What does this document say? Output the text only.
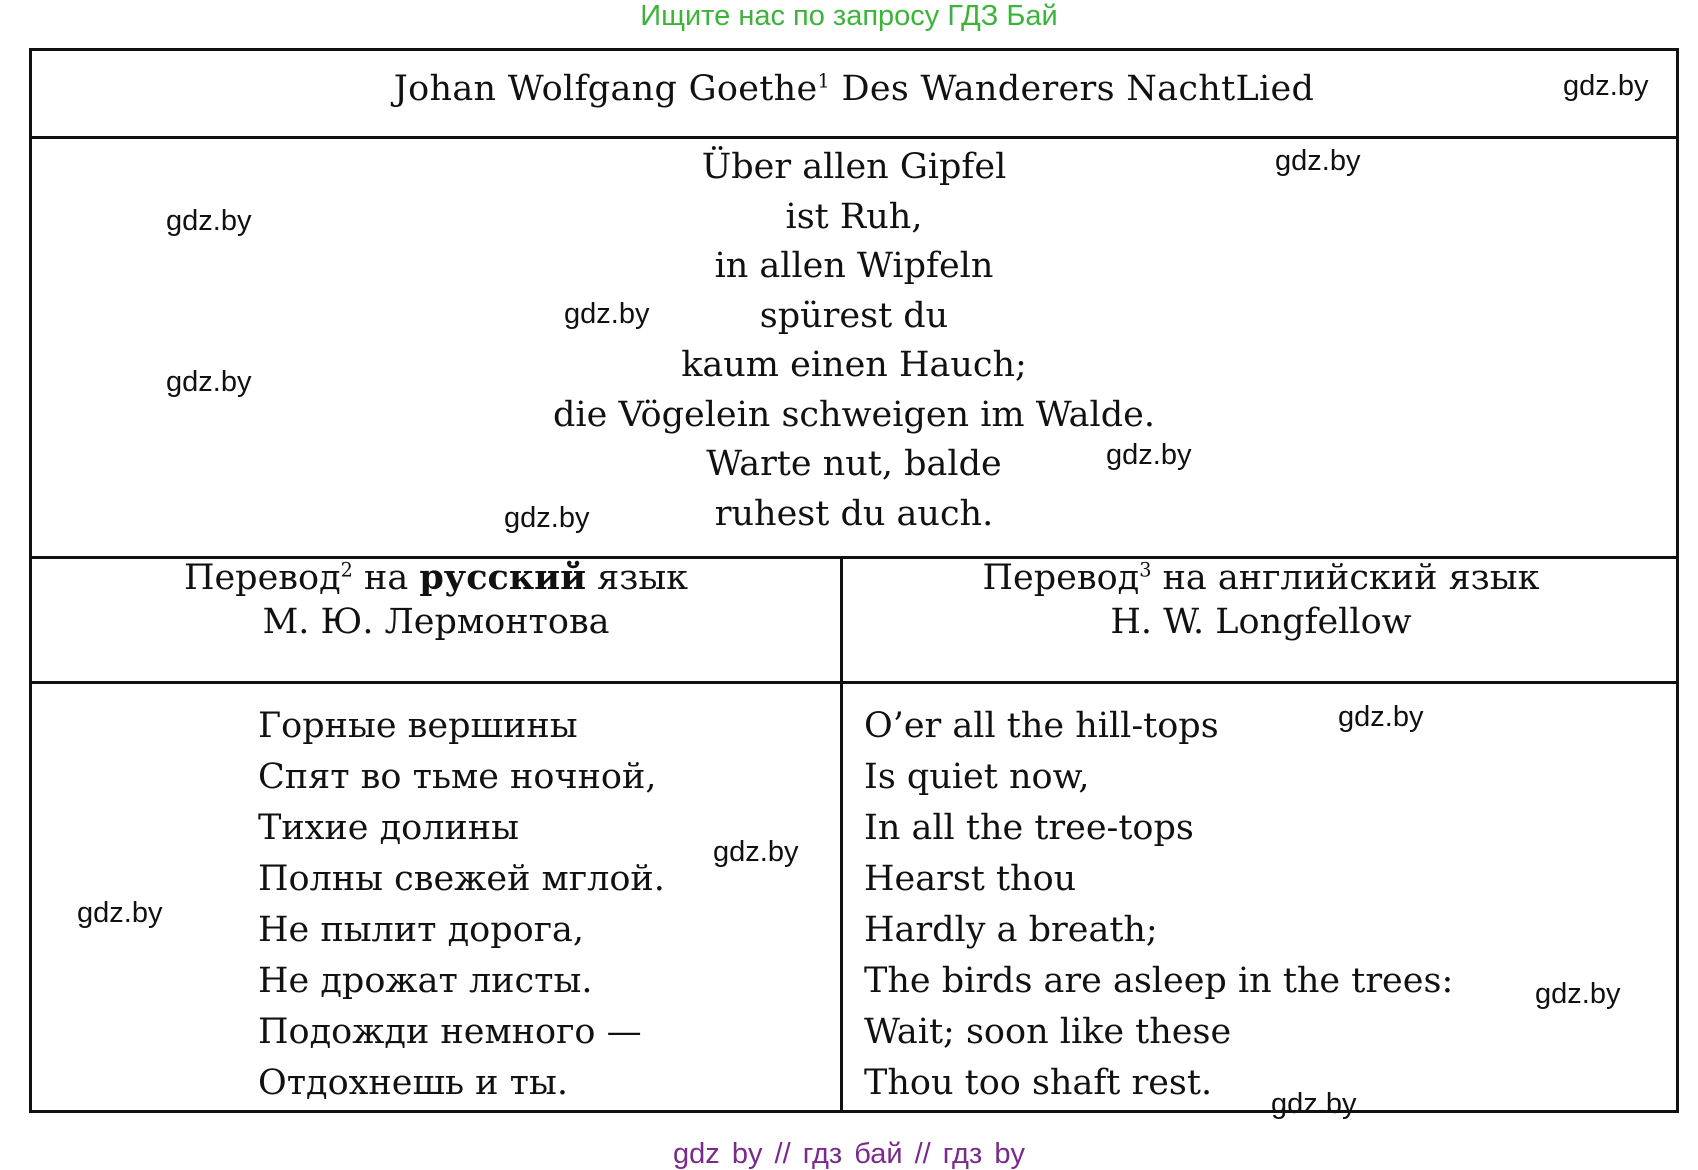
Ищите нас по запросу ГДЗ Бай
Johan Wolfgang Goethe$^1$ Des Wanderers NachtLied
Über allen Gipfel
ist Ruh,
in allen Wipfeln
spürest du
kaum einen Hauch;
die Vögelein schweigen im Walde.
Warte nut, balde
ruhest du auch.
Перевод$^2$ на русский язык
М. Ю. Лермонтова
Перевод$^3$ на английский язык
H. W. Longfellow
Горные вершины
Спят во тьме ночной,
Тихие долины
Полны свежей мглой.
Не пылит дорога,
Не дрожат листы.
Подожди немного —
Отдохнешь и ты.
O’er all the hill-tops
Is quiet now,
In all the tree-tops
Hearst thou
Hardly a breath;
The birds are asleep in the trees:
Wait; soon like these
Thou too shaft rest.
gdz.by
gdz.by
gdz.by
gdz.by
gdz.by
gdz.by
gdz.by
gdz.by
gdz.by
gdz.by
gdz.by
gdz.by
gdz by // гдз бай // гдз by
